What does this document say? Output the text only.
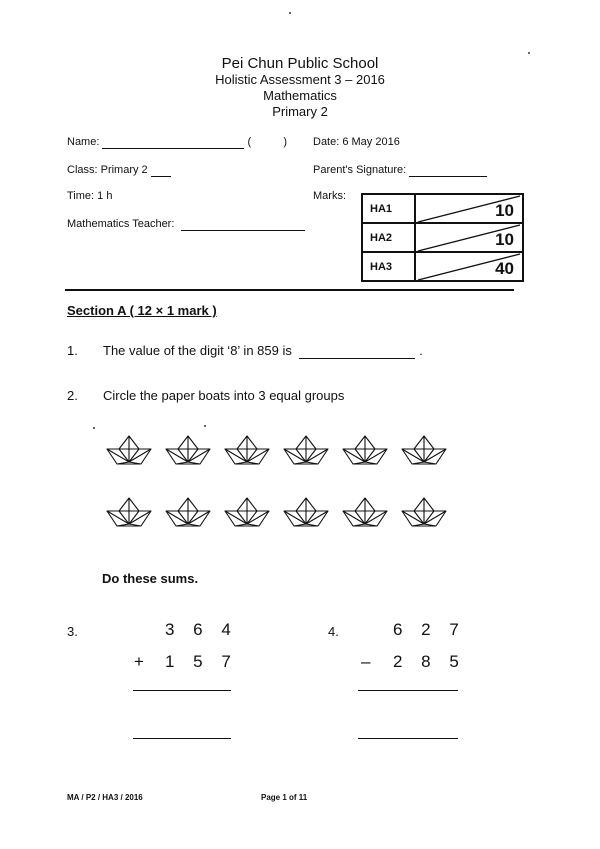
Pei Chun Public School
Holistic Assessment 3 – 2016
Mathematics
Primary 2
Name:	(	) Date: 6 May 2016
Class: Primary 2	Parent's Signature:
Time: 1 h	Marks:
Mathematics Teacher:
HA1	10

HA2	10

HA3	40
Section A ( 12 × 1 mark )
1. The value of the digit ‘8’ in 859 is	.
2. Circle the paper boats into 3 equal groups
Do these sums.
3.	3 6 4
+ 1 5 7
4.	6 2 7
– 2 8 5
MA / P2 / HA3 / 2016	Page 1 of 11
